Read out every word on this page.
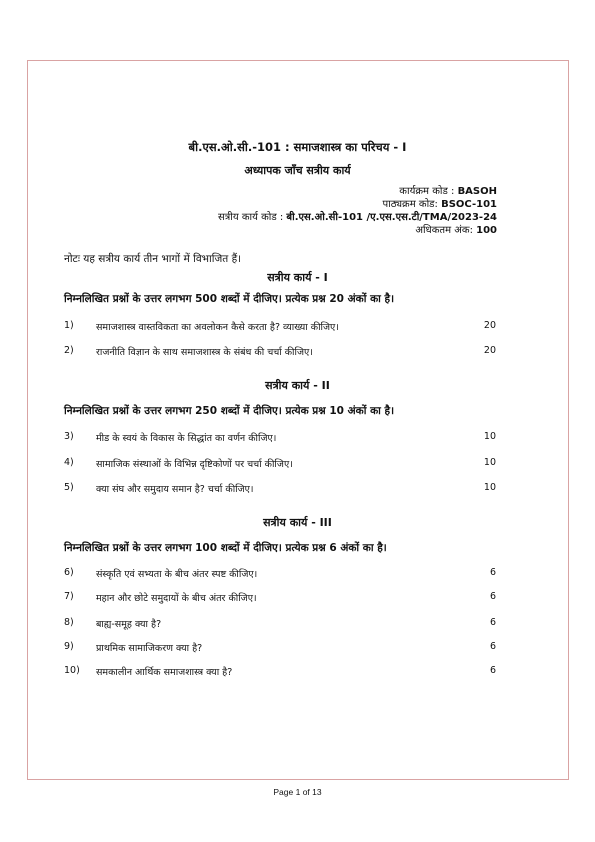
बी.एस.ओ.सी.-101 : समाजशास्त्र का परिचय - I
अध्यापक जाँच सत्रीय कार्य
कार्यक्रम कोड : BASOH
पाठ्यक्रम कोड: BSOC-101
सत्रीय कार्य कोड : बी.एस.ओ.सी-101 /ए.एस.एस.टी/TMA/2023-24
अधिकतम अंक: 100
नोटः यह सत्रीय कार्य तीन भागों में विभाजित हैं।
सत्रीय कार्य - I
निम्नलिखित प्रश्नों के उत्तर लगभग 500 शब्दों में दीजिए। प्रत्येक प्रश्न 20 अंकों का है।
1) समाजशास्त्र वास्तविकता का अवलोकन कैसे करता है? व्याख्या कीजिए।	20
2) राजनीति विज्ञान के साथ समाजशास्त्र के संबंध की चर्चा कीजिए।	20
सत्रीय कार्य - II
निम्नलिखित प्रश्नों के उत्तर लगभग 250 शब्दों में दीजिए। प्रत्येक प्रश्न 10 अंकों का है।
3) मीड के स्वयं के विकास के सिद्धांत का वर्णन कीजिए।	10
4) सामाजिक संस्थाओं के विभिन्न दृष्टिकोणों पर चर्चा कीजिए।	10
5) क्या संघ और समुदाय समान है? चर्चा कीजिए।	10
सत्रीय कार्य - III
निम्नलिखित प्रश्नों के उत्तर लगभग 100 शब्दों में दीजिए। प्रत्येक प्रश्न 6 अंकों का है।
6) संस्कृति एवं सभ्यता के बीच अंतर स्पष्ट कीजिए।	6
7) महान और छोटे समुदायों के बीच अंतर कीजिए।	6
8) बाह्य-समूह क्या है?	6
9) प्राथमिक सामाजिकरण क्या है?	6
10) समकालीन आर्थिक समाजशास्त्र क्या है?	6
Page 1 of 13
